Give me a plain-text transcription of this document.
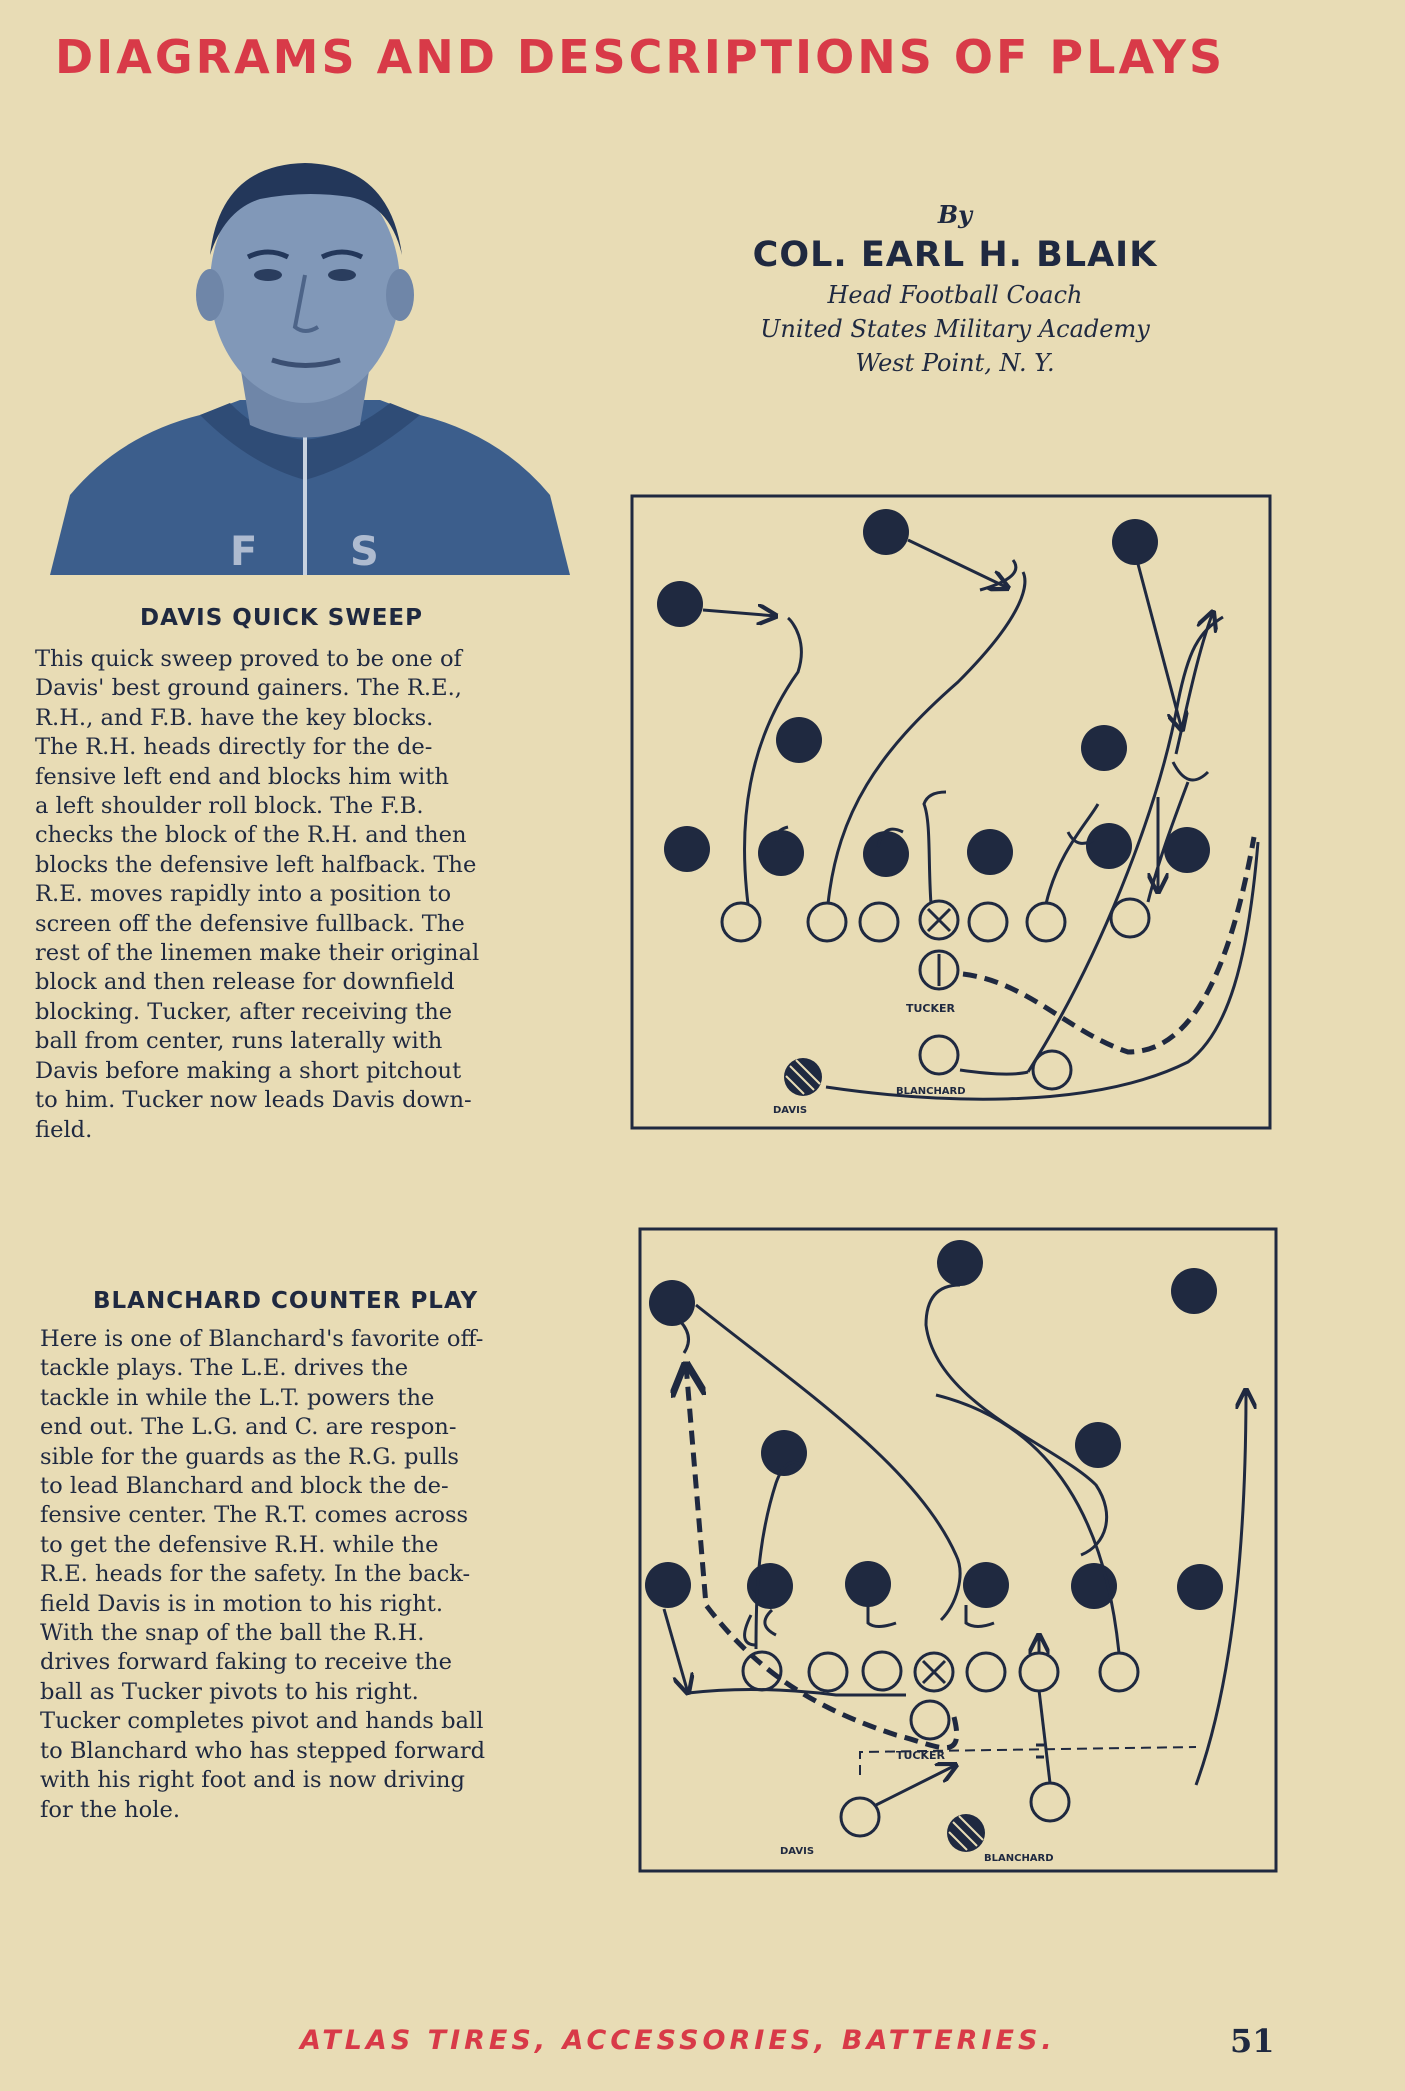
DIAGRAMS AND DESCRIPTIONS OF PLAYS
F S
By
COL. EARL H. BLAIK
Head Football Coach
United States Military Academy
West Point, N. Y.
DAVIS QUICK SWEEP
This quick sweep proved to be one of
Davis' best ground gainers. The R.E.,
R.H., and F.B. have the key blocks.
The R.H. heads directly for the de-
fensive left end and blocks him with
a left shoulder roll block. The F.B.
checks the block of the R.H. and then
blocks the defensive left halfback. The
R.E. moves rapidly into a position to
screen off the defensive fullback. The
rest of the linemen make their original
block and then release for downfield
blocking. Tucker, after receiving the
ball from center, runs laterally with
Davis before making a short pitchout
to him. Tucker now leads Davis down-
field.
TUCKER
BLANCHARD
DAVIS
BLANCHARD COUNTER PLAY
Here is one of Blanchard's favorite off-
tackle plays. The L.E. drives the
tackle in while the L.T. powers the
end out. The L.G. and C. are respon-
sible for the guards as the R.G. pulls
to lead Blanchard and block the de-
fensive center. The R.T. comes across
to get the defensive R.H. while the
R.E. heads for the safety. In the back-
field Davis is in motion to his right.
With the snap of the ball the R.H.
drives forward faking to receive the
ball as Tucker pivots to his right.
Tucker completes pivot and hands ball
to Blanchard who has stepped forward
with his right foot and is now driving
for the hole.
TUCKER
DAVIS
BLANCHARD
ATLAS TIRES, ACCESSORIES, BATTERIES.	51
